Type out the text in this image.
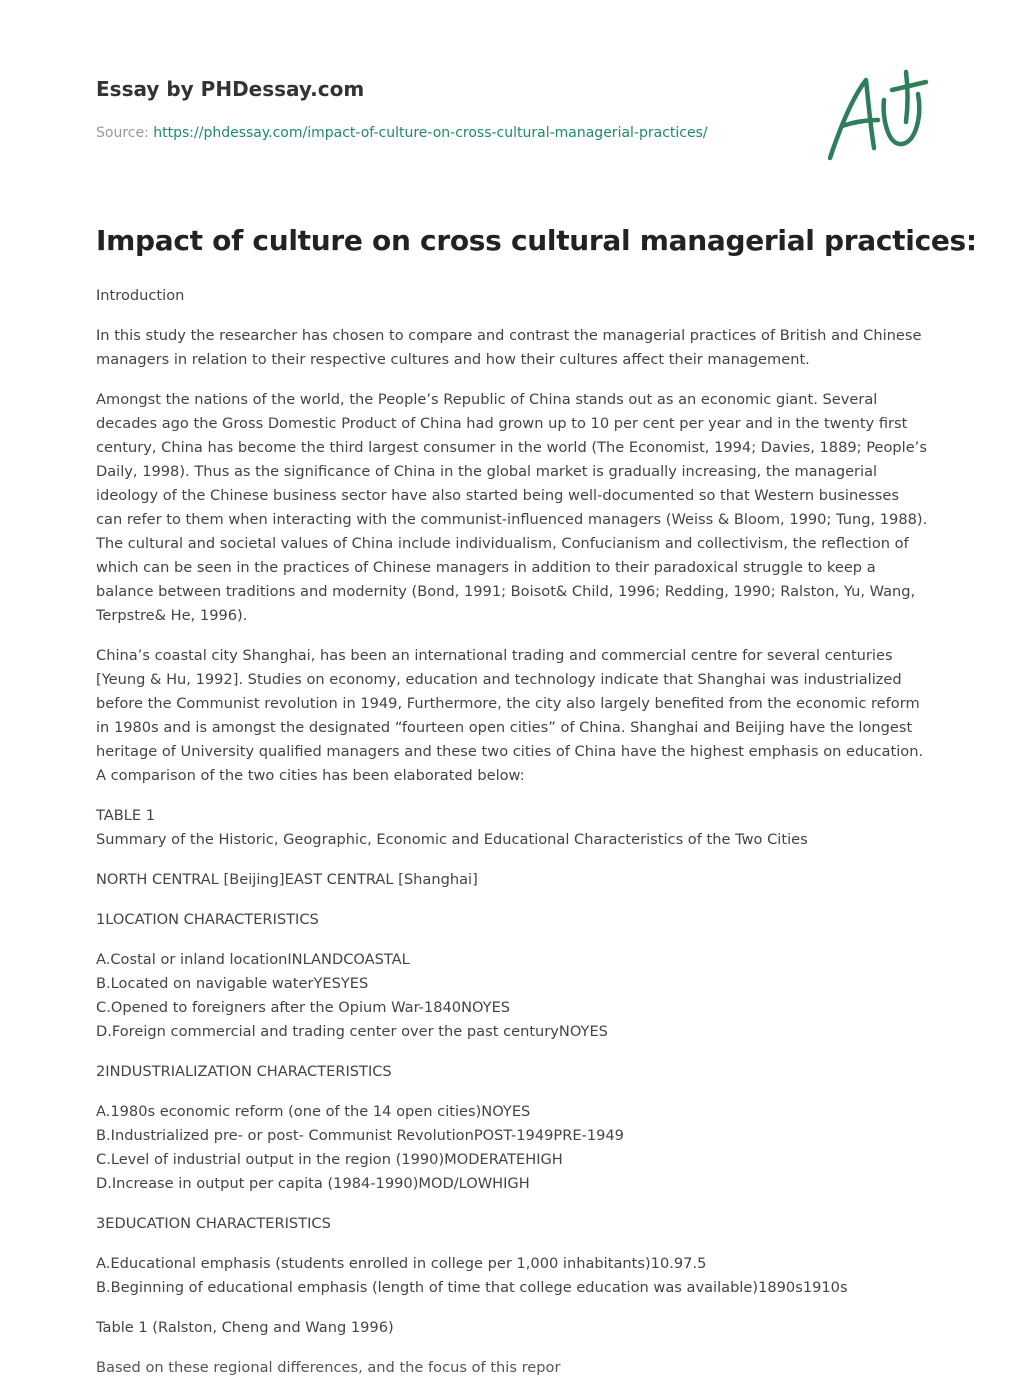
Essay by PHDessay.com
Source: https://phdessay.com/impact-of-culture-on-cross-cultural-managerial-practices/
Impact of culture on cross cultural managerial practices:

Introduction

In this study the researcher has chosen to compare and contrast the managerial practices of British and Chinese managers in relation to their respective cultures and how their cultures affect their management.

Amongst the nations of the world, the People’s Republic of China stands out as an economic giant. Several decades ago the Gross Domestic Product of China had grown up to 10 per cent per year and in the twenty first century, China has become the third largest consumer in the world (The Economist, 1994; Davies, 1889; People’s Daily, 1998). Thus as the significance of China in the global market is gradually increasing, the managerial ideology of the Chinese business sector have also started being well-documented so that Western businesses can refer to them when interacting with the communist-influenced managers (Weiss & Bloom, 1990; Tung, 1988). The cultural and societal values of China include individualism, Confucianism and collectivism, the reflection of which can be seen in the practices of Chinese managers in addition to their paradoxical struggle to keep a balance between traditions and modernity (Bond, 1991; Boisot& Child, 1996; Redding, 1990; Ralston, Yu, Wang, Terpstre& He, 1996).

China’s coastal city Shanghai, has been an international trading and commercial centre for several centuries [Yeung & Hu, 1992]. Studies on economy, education and technology indicate that Shanghai was industrialized before the Communist revolution in 1949, Furthermore, the city also largely benefited from the economic reform in 1980s and is amongst the designated “fourteen open cities” of China. Shanghai and Beijing have the longest heritage of University qualified managers and these two cities of China have the highest emphasis on education. A comparison of the two cities has been elaborated below:

TABLE 1
Summary of the Historic, Geographic, Economic and Educational Characteristics of the Two Cities

NORTH CENTRAL [Beijing]EAST CENTRAL [Shanghai]

1LOCATION CHARACTERISTICS

A.Costal or inland locationINLANDCOASTAL
B.Located on navigable waterYESYES
C.Opened to foreigners after the Opium War-1840NOYES
D.Foreign commercial and trading center over the past centuryNOYES

2INDUSTRIALIZATION CHARACTERISTICS

A.1980s economic reform (one of the 14 open cities)NOYES
B.Industrialized pre- or post- Communist RevolutionPOST-1949PRE-1949
C.Level of industrial output in the region (1990)MODERATEHIGH
D.Increase in output per capita (1984-1990)MOD/LOWHIGH

3EDUCATION CHARACTERISTICS

A.Educational emphasis (students enrolled in college per 1,000 inhabitants)10.97.5
B.Beginning of educational emphasis (length of time that college education was available)1890s1910s

Table 1 (Ralston, Cheng and Wang 1996)

Based on these regional differences, and the focus of this repor
